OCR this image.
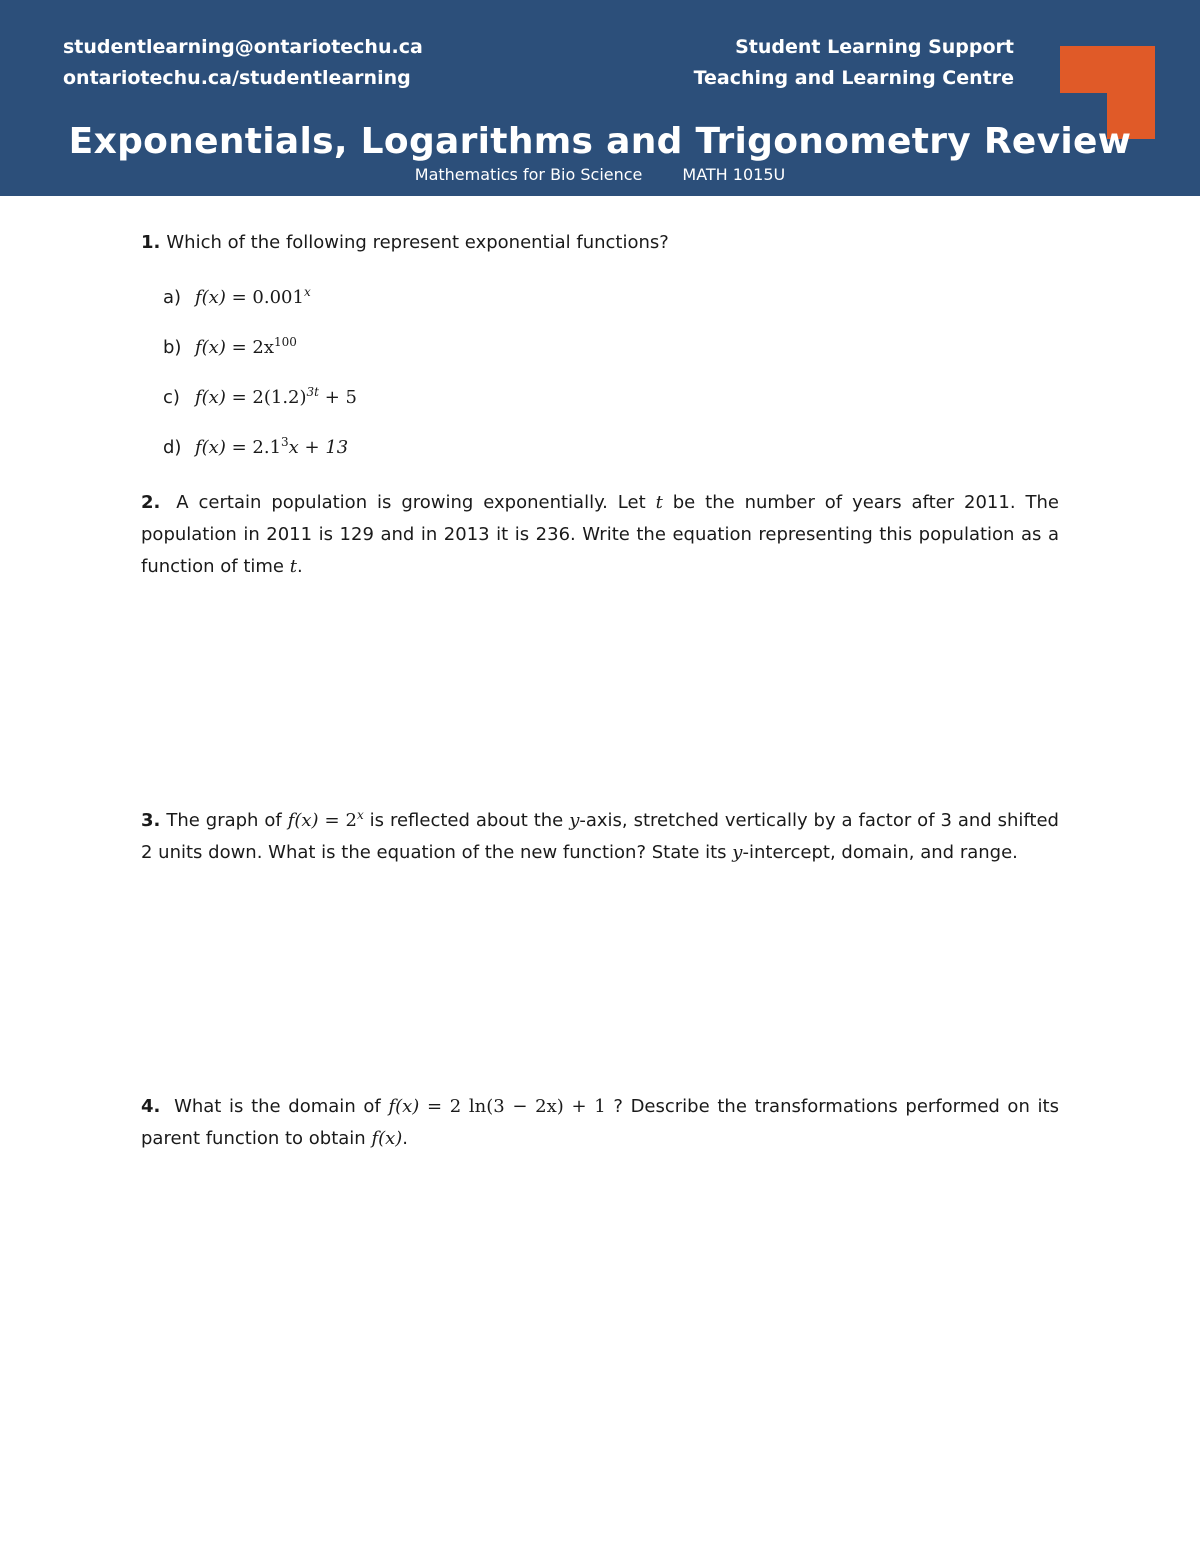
studentlearning@ontariotechu.ca
ontariotechu.ca/studentlearning
Student Learning Support
Teaching and Learning Centre
Exponentials, Logarithms and Trigonometry Review
Mathematics for Bio Science	MATH 1015U
1. Which of the following represent exponential functions?
a) $f(x) = 0.001^x$
b) $f(x) = 2x^{100}$
c) $f(x) = 2(1.2)^{3t} + 5$
d) $f(x) = 2.1^3x + 13$
2. A certain population is growing exponentially. Let t be the number of years after 2011. The population in 2011 is 129 and in 2013 it is 236. Write the equation representing this population as a function of time t.
3. The graph of $f(x) = 2^x$ is reflected about the y-axis, stretched vertically by a factor of 3 and shifted 2 units down. What is the equation of the new function? State its y-intercept, domain, and range.
4. What is the domain of f(x) = 2 ln(3 − 2x) + 1 ? Describe the transformations performed on its parent function to obtain f(x).
